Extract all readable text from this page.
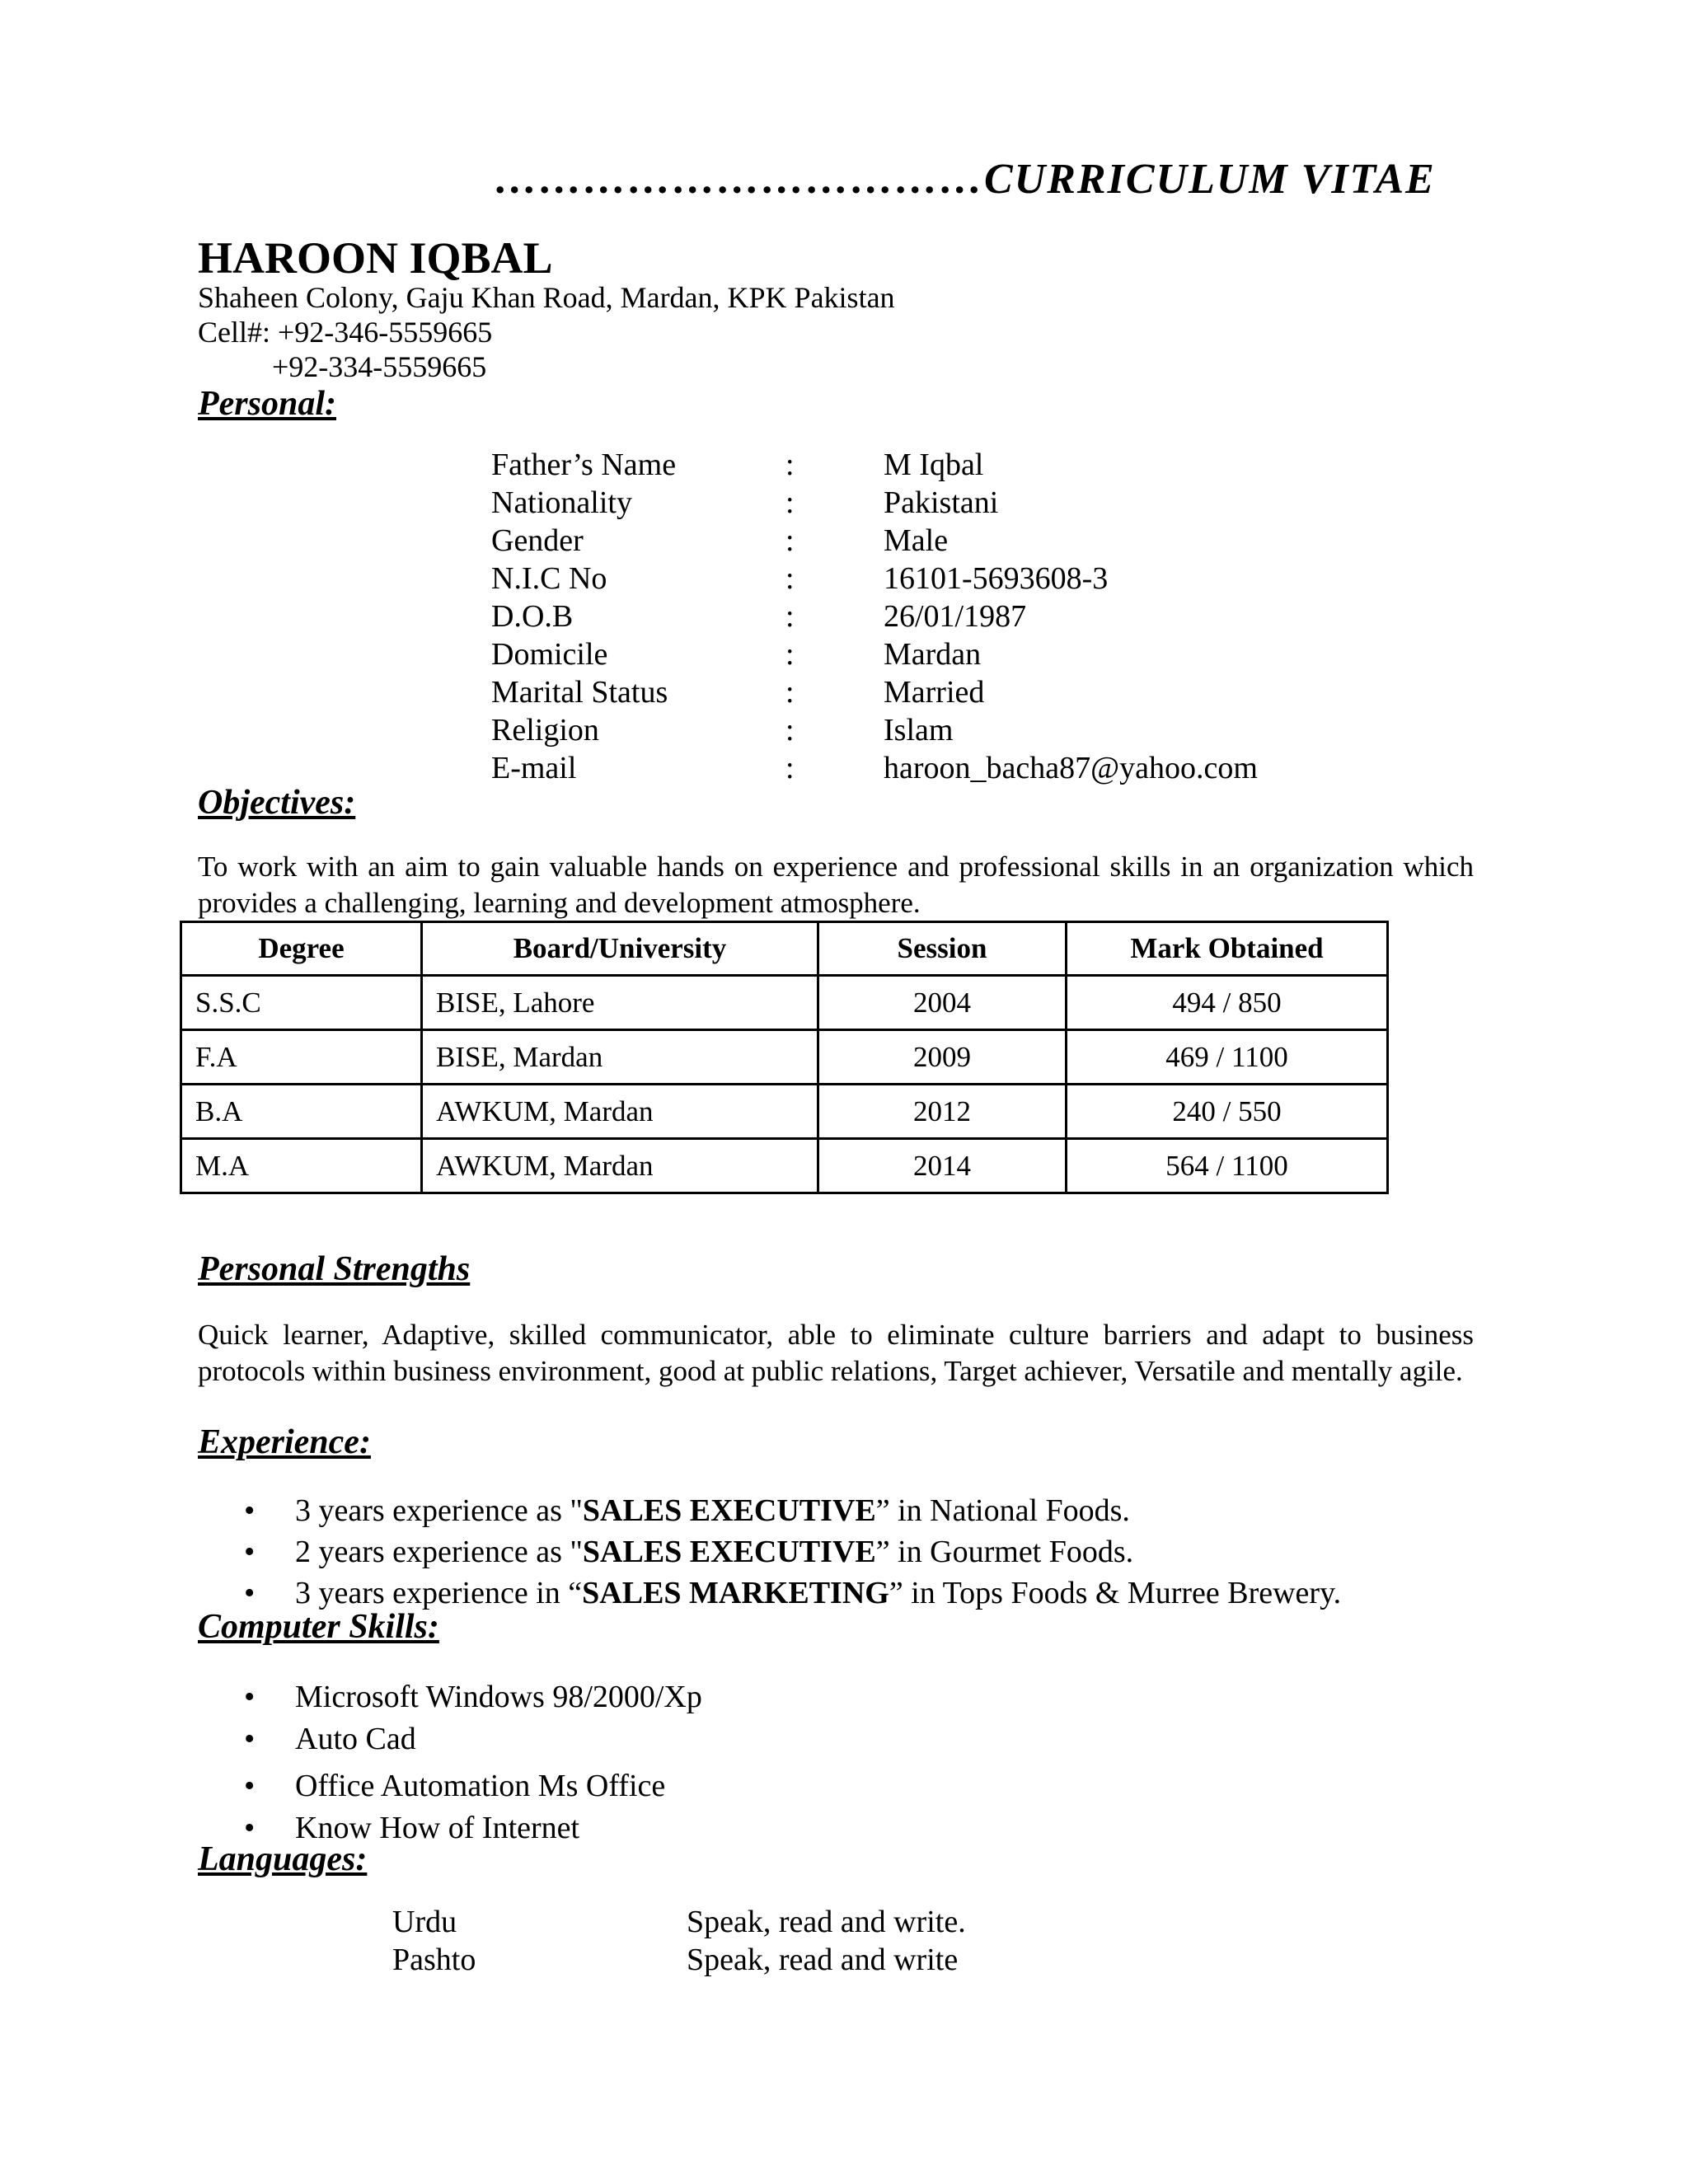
……………………………CURRICULUM VITAE
HAROON IQBAL
Shaheen Colony, Gaju Khan Road, Mardan, KPK Pakistan
Cell#: +92-346-5559665
+92-334-5559665
Personal:
Father’s Name	:	M Iqbal
Nationality	:	Pakistani
Gender	:	Male
N.I.C No	:	16101-5693608-3
D.O.B	:	26/01/1987
Domicile	:	Mardan
Marital Status	:	Married
Religion	:	Islam
E-mail	:	haroon_bacha87@yahoo.com
Objectives:
To work with an aim to gain valuable hands on experience and professional skills in an organization which provides a challenging, learning and development atmosphere.
Degree	Board/University	Session	Mark Obtained
S.S.C	BISE, Lahore	2004	494 / 850
F.A	BISE, Mardan	2009	469 / 1100
B.A	AWKUM, Mardan	2012	240 / 550
M.A	AWKUM, Mardan	2014	564 / 1100
Personal Strengths
Quick learner, Adaptive, skilled communicator, able to eliminate culture barriers and adapt to business protocols within business environment, good at public relations, Target achiever, Versatile and mentally agile.
Experience:
• 3 years experience as "SALES EXECUTIVE” in National Foods.
• 2 years experience as "SALES EXECUTIVE” in Gourmet Foods.
• 3 years experience in “SALES MARKETING” in Tops Foods & Murree Brewery.
Computer Skills:
• Microsoft Windows 98/2000/Xp
• Auto Cad
• Office Automation Ms Office
• Know How of Internet
Languages:
Urdu	Speak, read and write.
Pashto	Speak, read and write
